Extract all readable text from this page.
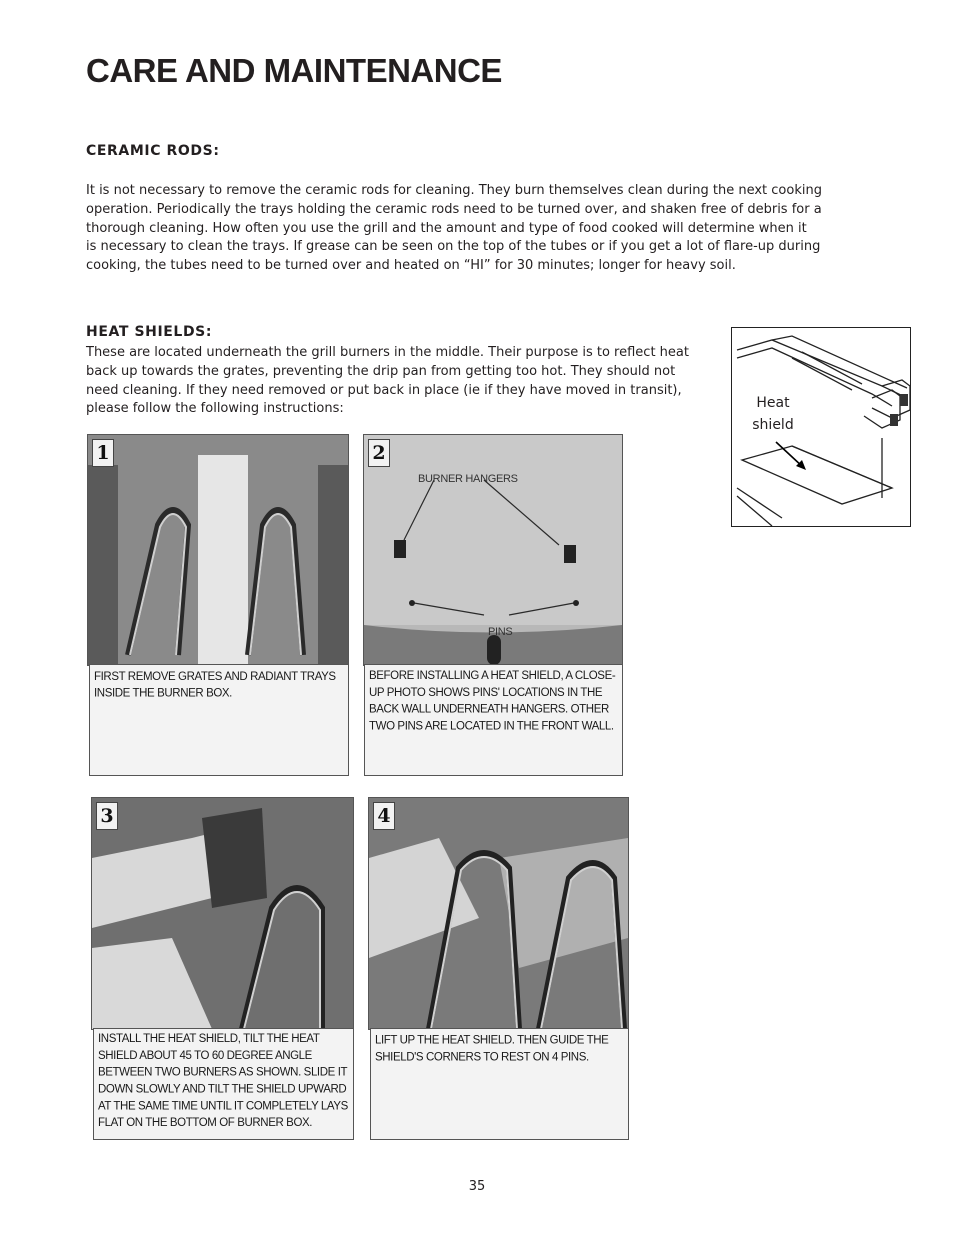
CARE AND MAINTENANCE
CERAMIC RODS:
It is not necessary to remove the ceramic rods for cleaning. They burn themselves clean during the next cooking
operation. Periodically the trays holding the ceramic rods need to be turned over, and shaken free of debris for a
thorough cleaning. How often you use the grill and the amount and type of food cooked will determine when it
is necessary to clean the trays. If grease can be seen on the top of the tubes or if you get a lot of flare-up during
cooking, the tubes need to be turned over and heated on “HI” for 30 minutes; longer for heavy soil.
HEAT SHIELDS:
These are located underneath the grill burners in the middle. Their purpose is to reflect heat
back up towards the grates, preventing the drip pan from getting too hot. They should not
need cleaning. If they need removed or put back in place (ie if they have moved in transit),
please follow the following instructions:	Heat
shield
1
FIRST REMOVE GRATES AND RADIANT TRAYS INSIDE THE BURNER BOX.
2
BURNER HANGERS
PINS
BEFORE INSTALLING A HEAT SHIELD, A CLOSE-UP PHOTO SHOWS PINS' LOCATIONS IN THE BACK WALL UNDERNEATH HANGERS. OTHER TWO PINS ARE LOCATED IN THE FRONT WALL.
3
INSTALL THE HEAT SHIELD, TILT THE HEAT SHIELD ABOUT 45 TO 60 DEGREE ANGLE BETWEEN TWO BURNERS AS SHOWN. SLIDE IT DOWN SLOWLY AND TILT THE SHIELD UPWARD AT THE SAME TIME UNTIL IT COMPLETELY LAYS FLAT ON THE BOTTOM OF BURNER BOX.
4
LIFT UP THE HEAT SHIELD. THEN GUIDE THE SHIELD'S CORNERS TO REST ON 4 PINS.
35
